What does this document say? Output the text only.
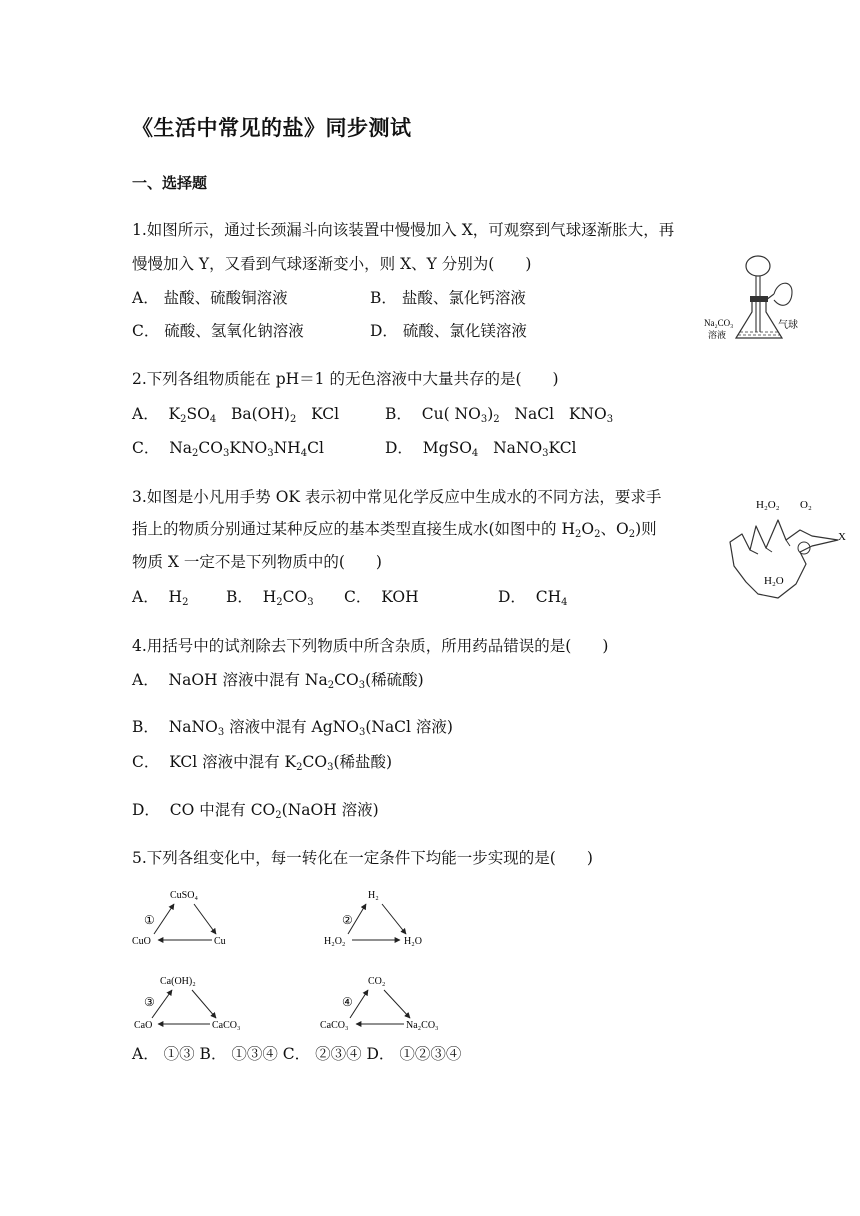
《生活中常见的盐》同步测试
一、选择题
1.如图所示，通过长颈漏斗向该装置中慢慢加入 X，可观察到气球逐渐胀大，再
慢慢加入 Y，又看到气球逐渐变小，则 X、Y 分别为(　　)
A． 盐酸、硫酸铜溶液	B． 盐酸、氯化钙溶液
C． 硫酸、氢氧化钠溶液	D． 硫酸、氯化镁溶液	Na₂CO₃
溶液
气球
2.下列各组物质能在 pH＝1 的无色溶液中大量共存的是(　　)
A．  $K_2SO_4$   $Ba(OH)_2$   KCl	B．  Cu( $NO_3)_2$   NaCl   $KNO_3$
C．  $Na_2CO_3KNO_3NH_4Cl$	D．  MgSO$_4$   NaNO$_3$KCl
3.如图是小凡用手势 OK 表示初中常见化学反应中生成水的不同方法，要求手
指上的物质分别通过某种反应的基本类型直接生成水(如图中的 $H_2O_2$、$O_2$)则
物质 X 一定不是下列物质中的(　　)
A．  $H_2$ B．  $H_2CO_3$ C．  KOH	D．  $CH_4$
H₂O₂ O₂
X
H₂O
4.用括号中的试剂除去下列物质中所含杂质，所用药品错误的是(　　)
A．  NaOH 溶液中混有 $Na_2CO_3$(稀硫酸)
B．  NaNO$_3$ 溶液中混有 AgNO$_3$(NaCl 溶液)
C．  KCl 溶液中混有 $K_2CO_3$(稀盐酸)
D．  CO 中混有 $CO_2(NaOH$ 溶液)
5.下列各组变化中，每一转化在一定条件下均能一步实现的是(　　)
CuSO₄
①
CuO	Cu
H₂
②
H₂O₂	H₂O
Ca(OH)₂
③
CaO	CaCO₃
CO₂
④
CaCO₃	Na₂CO₃
A． ①③ B． ①③④ C． ②③④ D． ①②③④
